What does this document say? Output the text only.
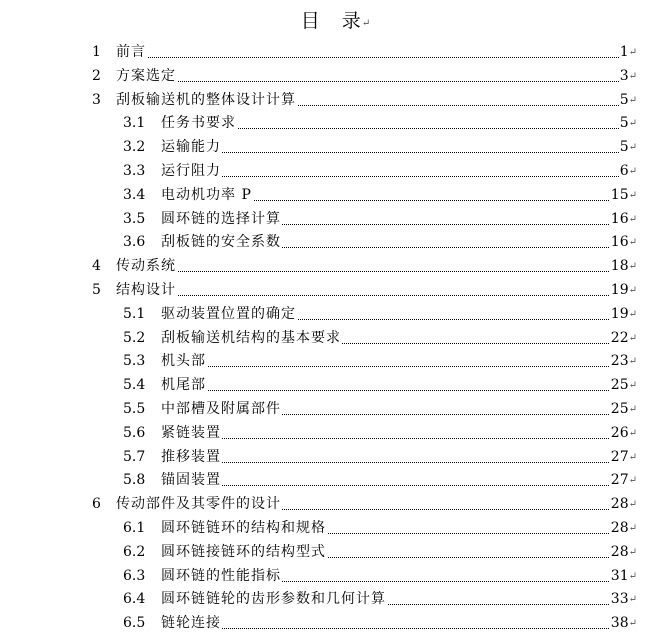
目 录↵
1 前言	1↵
2 方案选定	3↵
3 刮板输送机的整体设计计算	5↵
3.1 任务书要求	5↵
3.2 运输能力	5↵
3.3 运行阻力	6↵
3.4 电动机功率 P	15↵
3.5 圆环链的选择计算	16↵
3.6 刮板链的安全系数	16↵
4 传动系统	18↵
5 结构设计	19↵
5.1 驱动装置位置的确定	19↵
5.2 刮板输送机结构的基本要求	22↵
5.3 机头部	23↵
5.4 机尾部	25↵
5.5 中部槽及附属部件	25↵
5.6 紧链装置	26↵
5.7 推移装置	27↵
5.8 锚固装置	27↵
6 传动部件及其零件的设计	28↵
6.1 圆环链链环的结构和规格	28↵
6.2 圆环链接链环的结构型式	28↵
6.3 圆环链的性能指标	31↵
6.4 圆环链链轮的齿形参数和几何计算	33↵
6.5 链轮连接	38↵
